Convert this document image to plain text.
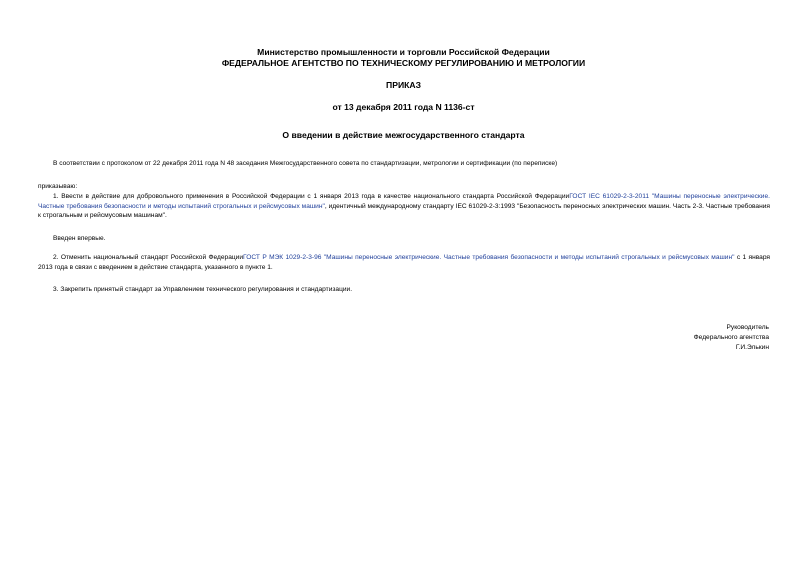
Министерство промышленности и торговли Российской Федерации
ФЕДЕРАЛЬНОЕ АГЕНТСТВО ПО ТЕХНИЧЕСКОМУ РЕГУЛИРОВАНИЮ И МЕТРОЛОГИИ
ПРИКАЗ
от 13 декабря 2011 года N 1136-ст
О введении в действие межгосударственного стандарта
В соответствии с протоколом от 22 декабря 2011 года N 48 заседания Межгосударственного совета по стандартизации, метрологии и сертификации (по переписке)
приказываю:
1. Ввести в действие для добровольного применения в Российской Федерации с 1 января 2013 года в качестве национального стандарта Российской ФедерацииГОСТ IEC 61029-2-3-2011 "Машины переносные электрические. Частные требования безопасности и методы испытаний строгальных и рейсмусовых машин", идентичный международному стандарту IEC 61029-2-3:1993 "Безопасность переносных электрических машин. Часть 2-3. Частные требования к строгальным и рейсмусовым машинам".
Введен впервые.
2. Отменить национальный стандарт Российской ФедерацииГОСТ Р МЭК 1029-2-3-96 "Машины переносные электрические. Частные требования безопасности и методы испытаний строгальных и рейсмусовых машин" с 1 января 2013 года в связи с введением в действие стандарта, указанного в пункте 1.
3. Закрепить принятый стандарт за Управлением технического регулирования и стандартизации.
Руководитель
Федерального агентства
Г.И.Элькин
